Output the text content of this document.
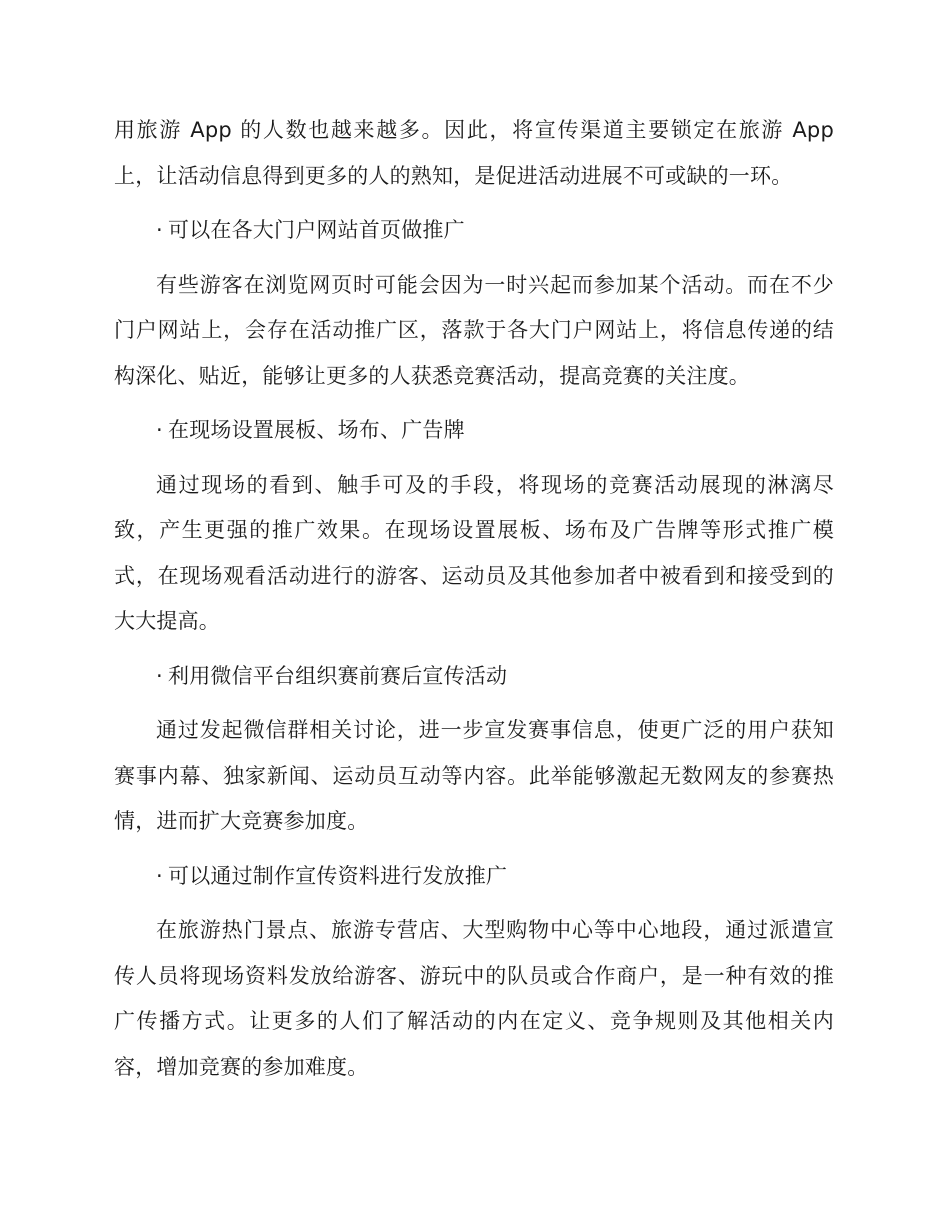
用旅游 App 的人数也越来越多。因此，将宣传渠道主要锁定在旅游 App 上，让活动信息得到更多的人的熟知，是促进活动进展不可或缺的一环。

· 可以在各大门户网站首页做推广

有些游客在浏览网页时可能会因为一时兴起而参加某个活动。而在不少门户网站上，会存在活动推广区，落款于各大门户网站上，将信息传递的结构深化、贴近，能够让更多的人获悉竞赛活动，提高竞赛的关注度。

· 在现场设置展板、场布、广告牌

通过现场的看到、触手可及的手段，将现场的竞赛活动展现的淋漓尽致，产生更强的推广效果。在现场设置展板、场布及广告牌等形式推广模式，在现场观看活动进行的游客、运动员及其他参加者中被看到和接受到的大大提高。

· 利用微信平台组织赛前赛后宣传活动

通过发起微信群相关讨论，进一步宣发赛事信息，使更广泛的用户获知赛事内幕、独家新闻、运动员互动等内容。此举能够激起无数网友的参赛热情，进而扩大竞赛参加度。

· 可以通过制作宣传资料进行发放推广

在旅游热门景点、旅游专营店、大型购物中心等中心地段，通过派遣宣传人员将现场资料发放给游客、游玩中的队员或合作商户，是一种有效的推广传播方式。让更多的人们了解活动的内在定义、竞争规则及其他相关内容，增加竞赛的参加难度。
